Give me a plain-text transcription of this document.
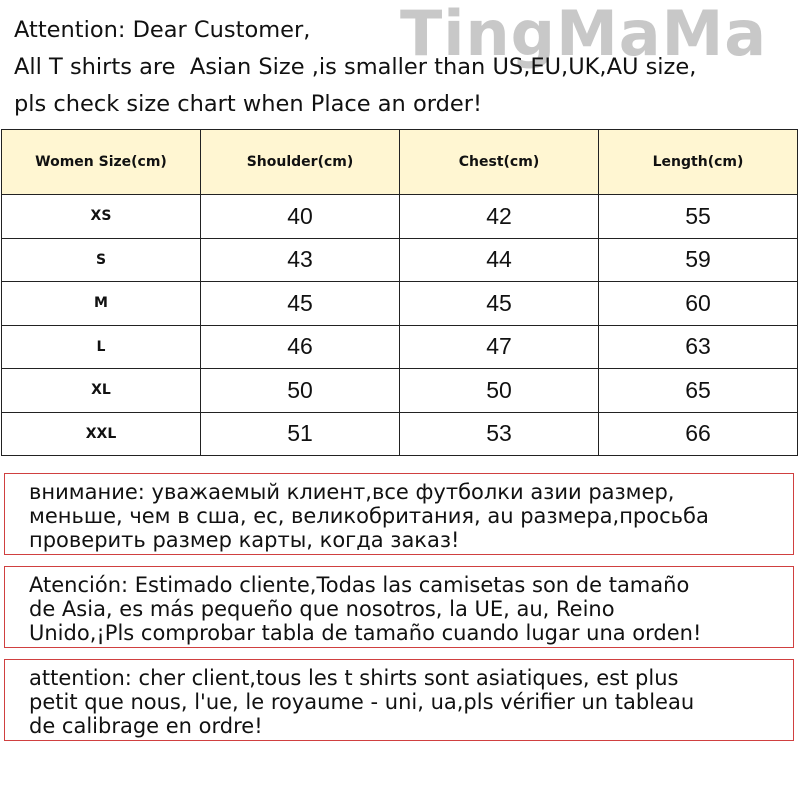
TingMaMa
Attention: Dear Customer,
All T shirts are  Asian Size ,is smaller than US,EU,UK,AU size,
pls check size chart when Place an order!
Women Size(cm)	Shoulder(cm)	Chest(cm)	Length(cm)
XS	40	42	55
S	43	44	59
M	45	45	60
L	46	47	63
XL	50	50	65
XXL	51	53	66
внимание: уважаемый клиент,все футболки азии размер,
меньше, чем в сша, ес, великобритания, au размера,просьба
проверить размер карты, когда заказ!
Atención: Estimado cliente,Todas las camisetas son de tamaño
de Asia, es más pequeño que nosotros, la UE, au, Reino
Unido,¡Pls comprobar tabla de tamaño cuando lugar una orden!
attention: cher client,tous les t shirts sont asiatiques, est plus
petit que nous, l'ue, le royaume - uni, ua,pls vérifier un tableau
de calibrage en ordre!
